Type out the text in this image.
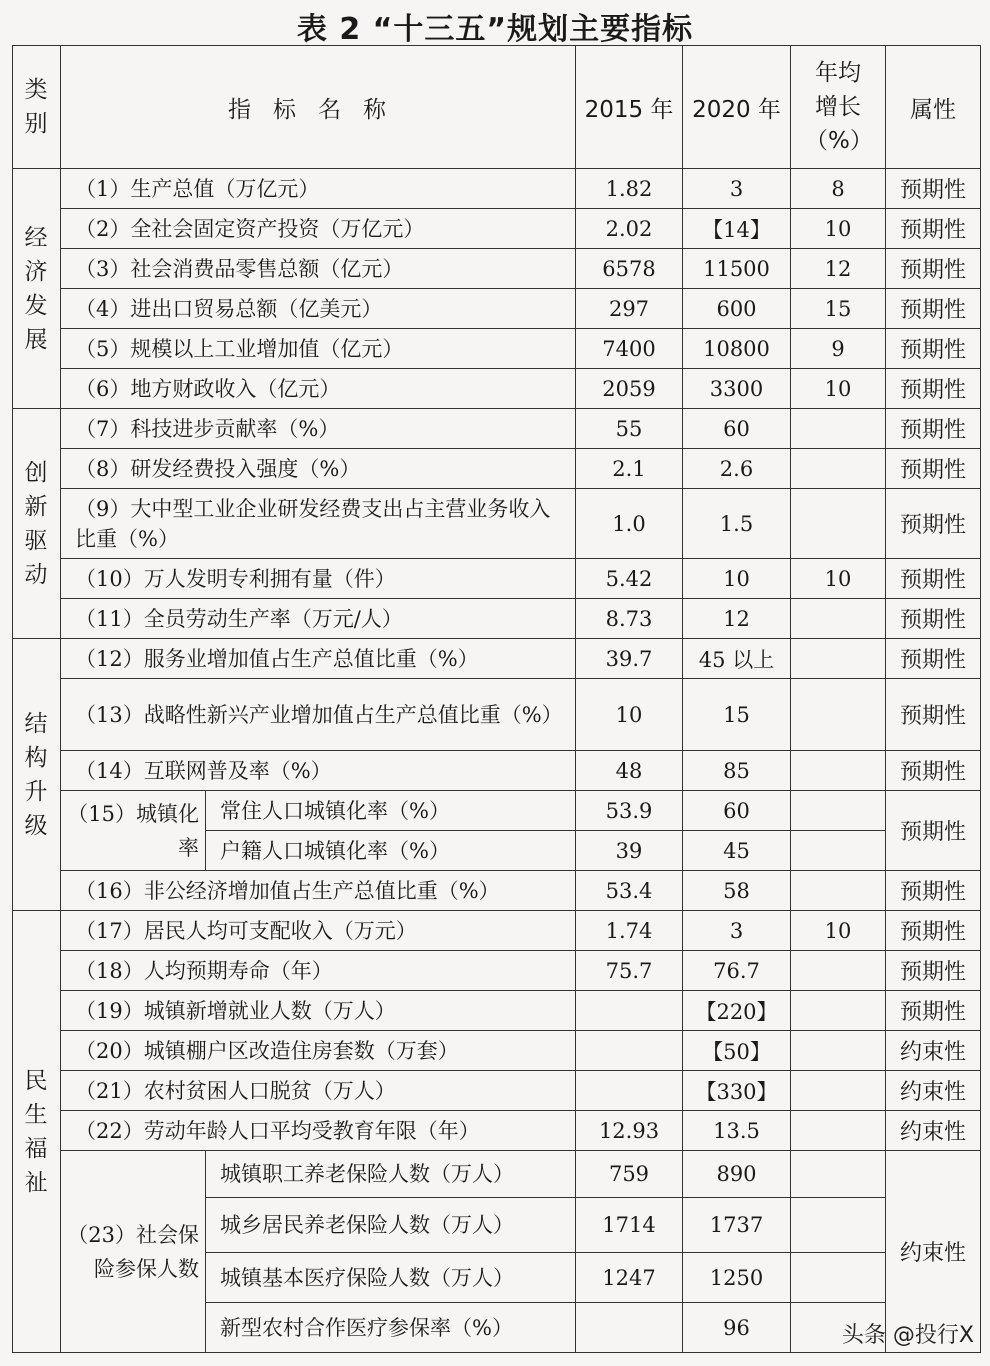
表 2 “十三五”规划主要指标
类别	指标名称		2015 年	2020 年	年均增长（%）	属性
经济发展	（1）生产总值（万亿元）		1.82	3	8	预期性
	（2）全社会固定资产投资（万亿元）		2.02	【14】	10	预期性
	（3）社会消费品零售总额（亿元）		6578	11500	12	预期性
	（4）进出口贸易总额（亿美元）		297	600	15	预期性
	（5）规模以上工业增加值（亿元）		7400	10800	9	预期性
	（6）地方财政收入（亿元）		2059	3300	10	预期性
创新驱动	（7）科技进步贡献率（%）		55	60		预期性
	（8）研发经费投入强度（%）		2.1	2.6		预期性
	（9）大中型工业企业研发经费支出占主营业务收入比重（%）		1.0	1.5		预期性
	（10）万人发明专利拥有量（件）		5.42	10	10	预期性
	（11）全员劳动生产率（万元/人）		8.73	12		预期性
结构升级	（12）服务业增加值占生产总值比重（%）		39.7	45 以上		预期性
	（13）战略性新兴产业增加值占生产总值比重（%）		10	15		预期性
	（14）互联网普及率（%）		48	85		预期性
	（15）城镇化率	常住人口城镇化率（%）	53.9	60		预期性
		户籍人口城镇化率（%）	39	45		
	（16）非公经济增加值占生产总值比重（%）		53.4	58		预期性
民生福祉	（17）居民人均可支配收入（万元）		1.74	3	10	预期性
	（18）人均预期寿命（年）		75.7	76.7		预期性
	（19）城镇新增就业人数（万人）			【220】		预期性
	（20）城镇棚户区改造住房套数（万套）			【50】		约束性
	（21）农村贫困人口脱贫（万人）			【330】		约束性
	（22）劳动年龄人口平均受教育年限（年）		12.93	13.5		约束性
	（23）社会保险参保人数	城镇职工养老保险人数（万人）	759	890		约束性
		城乡居民养老保险人数（万人）	1714	1737		
		城镇基本医疗保险人数（万人）	1247	1250		
		新型农村合作医疗参保率（%）		96			头条 @投行X
